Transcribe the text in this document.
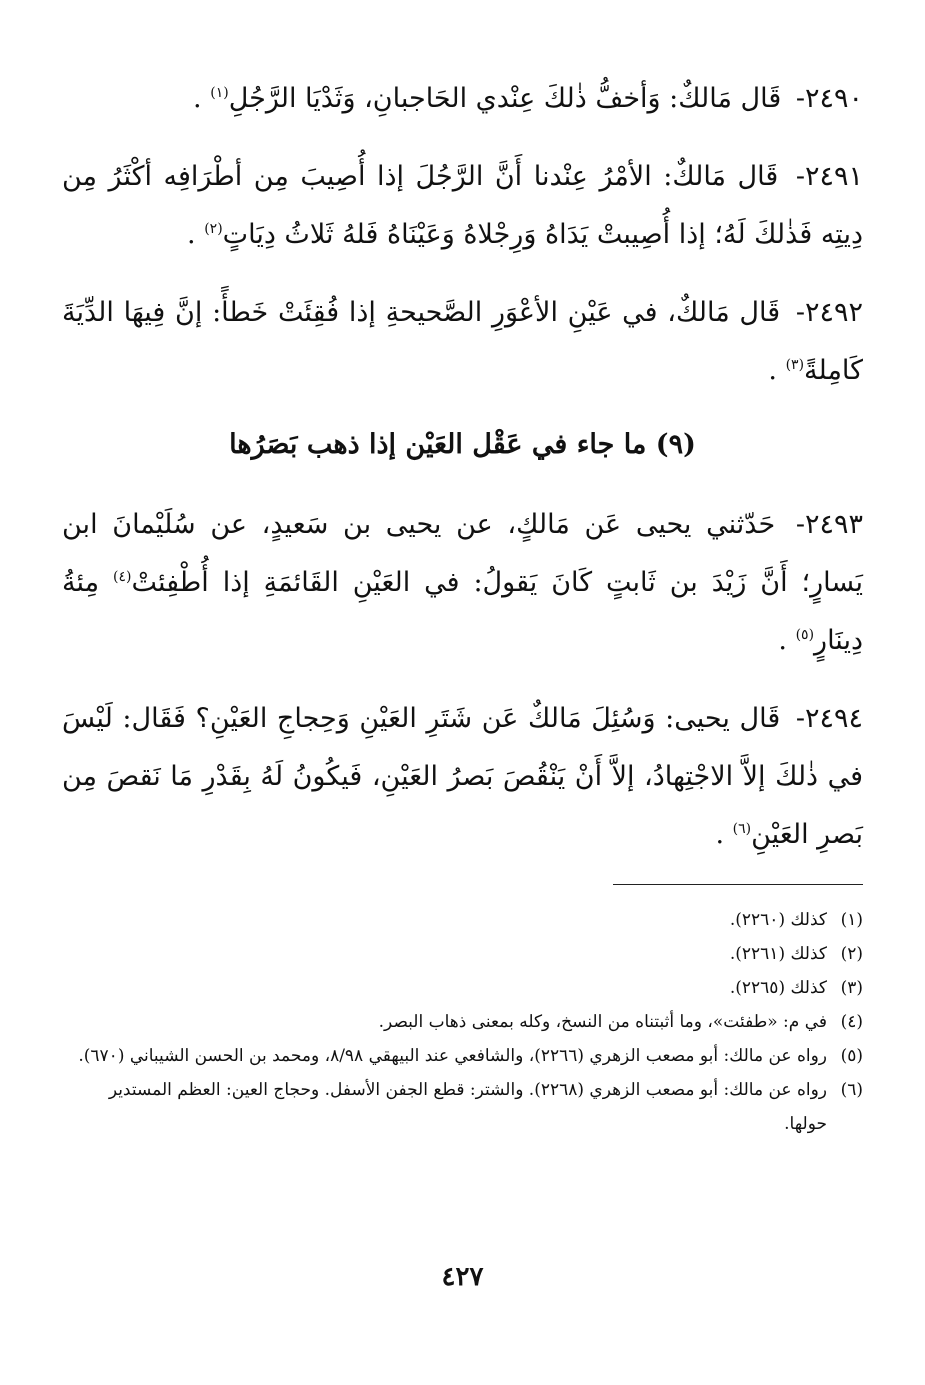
٢٤٩٠- قَال مَالكٌ: وَأخفُّ ذٰلكَ عِنْدي الحَاجبانِ، وَثَدْيَا الرَّجُلِ$^{(١)}$ .

٢٤٩١- قَال مَالكٌ: الأمْرُ عِنْدنا أَنَّ الرَّجُلَ إذا أُصِيبَ مِن أطْرَافِه أكْثَرُ مِن دِيتِه فَذٰلكَ لَهُ؛ إذا أُصِيبتْ يَدَاهُ وَرِجْلاهُ وَعَيْنَاهُ فَلهُ ثَلاثُ دِيَاتٍ$^{(٢)}$ .

٢٤٩٢- قَال مَالكٌ، في عَيْنِ الأعْوَرِ الصَّحيحةِ إذا فُقِئَتْ خَطأً: إنَّ فِيهَا الدِّيَةَ كَامِلةً$^{(٣)}$ .

(٩) ما جاء في عَقْل العَيْن إذا ذهب بَصَرُها

٢٤٩٣- حَدّثني يحيى عَن مَالكٍ، عن يحيى بن سَعيدٍ، عن سُلَيْمانَ ابن يَسارٍ؛ أَنَّ زَيْدَ بن ثَابتٍ كَانَ يَقولُ: في العَيْنِ القَائمَةِ إذا أُطْفِئتْ$^{(٤)}$ مِئةُ دِينَارٍ$^{(٥)}$ .

٢٤٩٤- قَال يحيى: وَسُئِلَ مَالكٌ عَن شَتَرِ العَيْنِ وَحِجاجِ العَيْنِ؟ فَقَال: لَيْسَ في ذٰلكَ إلاَّ الاجْتِهادُ، إلاَّ أَنْ يَنْقُصَ بَصرُ العَيْنِ، فَيكُونُ لَهُ بِقَدْرِ مَا نَقصَ مِن بَصرِ العَيْنِ$^{(٦)}$ .

(١)
كذلك (٢٢٦٠).

(٢)
كذلك (٢٢٦١).

(٣)
كذلك (٢٢٦٥).

(٤)
في م: «طفئت»، وما أثبتناه من النسخ، وكله بمعنى ذهاب البصر.

(٥)
رواه عن مالك: أبو مصعب الزهري (٢٢٦٦)، والشافعي عند البيهقي ٨/٩٨، ومحمد بن الحسن الشيباني (٦٧٠).

(٦)
رواه عن مالك: أبو مصعب الزهري (٢٢٦٨). والشتر: قطع الجفن الأسفل. وحجاج العين: العظم المستدير حولها.

٤٢٧
